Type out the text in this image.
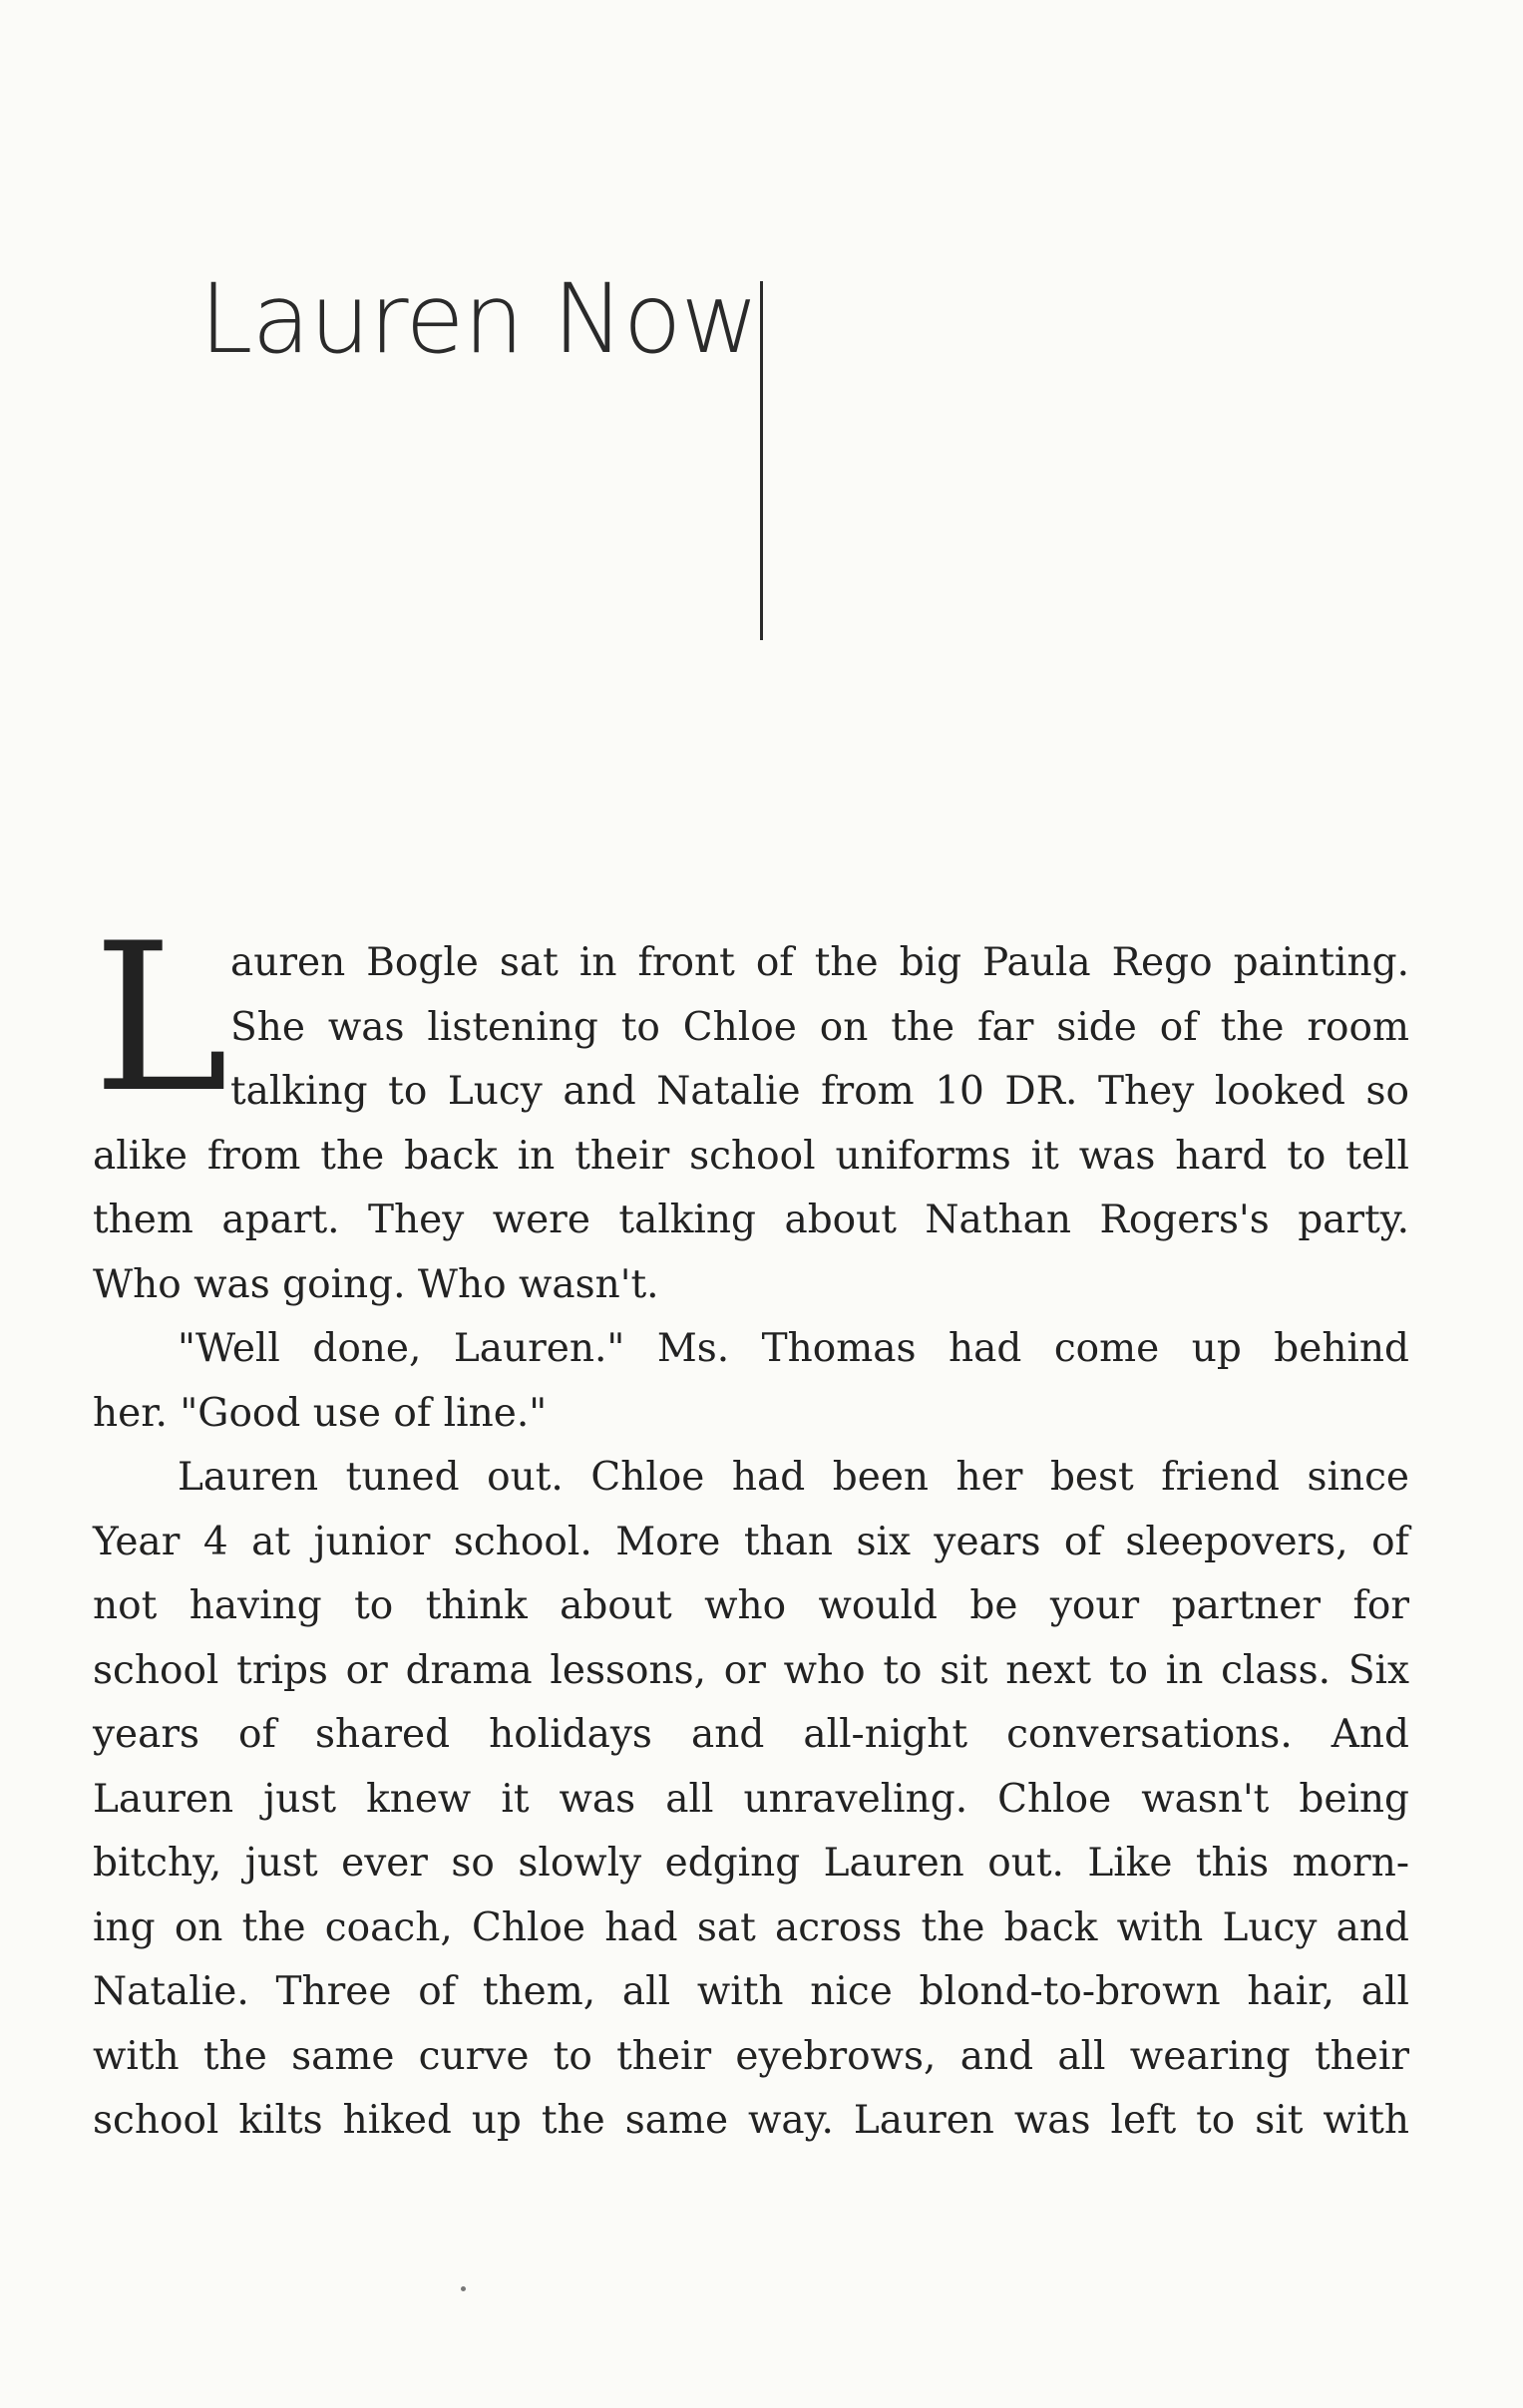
Lauren Now
L auren Bogle sat in front of the big Paula Rego painting.

She was listening to Chloe on the far side of the room

talking to Lucy and Natalie from 10 DR. They looked so

alike from the back in their school uniforms it was hard to tell

them apart. They were talking about Nathan Rogers's party.

Who was going. Who wasn't.

"Well done, Lauren." Ms. Thomas had come up behind

her. "Good use of line."

Lauren tuned out. Chloe had been her best friend since

Year 4 at junior school. More than six years of sleepovers, of

not having to think about who would be your partner for

school trips or drama lessons, or who to sit next to in class. Six

years of shared holidays and all-night conversations. And

Lauren just knew it was all unraveling. Chloe wasn't being

bitchy, just ever so slowly edging Lauren out. Like this morn-

ing on the coach, Chloe had sat across the back with Lucy and

Natalie. Three of them, all with nice blond-to-brown hair, all

with the same curve to their eyebrows, and all wearing their

school kilts hiked up the same way. Lauren was left to sit with
